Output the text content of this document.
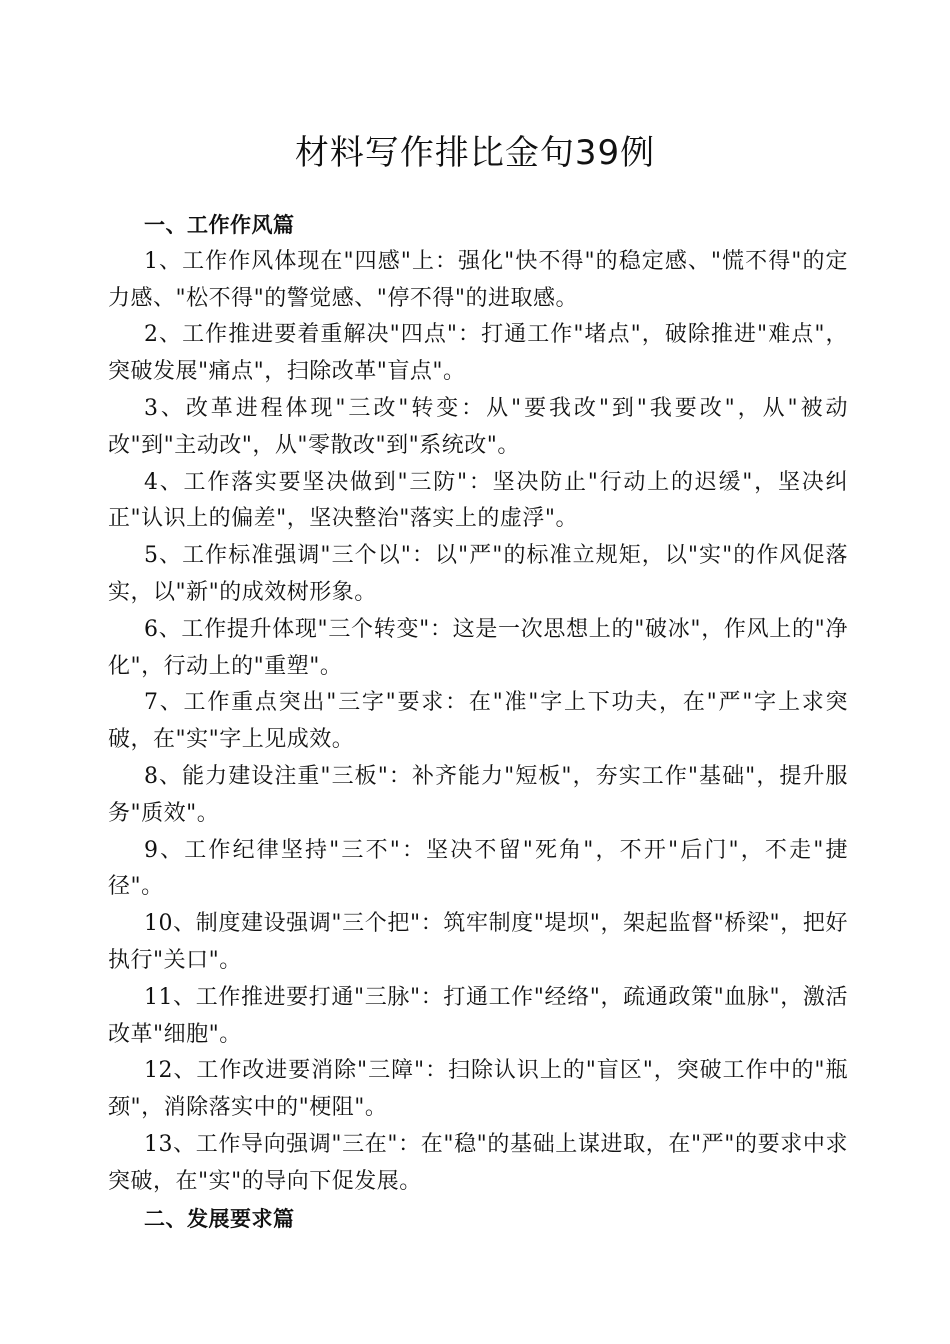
材料写作排比金句39例

一、工作作风篇

1、工作作风体现在"四感"上：强化"快不得"的稳定感、"慌不得"的定力感、"松不得"的警觉感、"停不得"的进取感。

2、工作推进要着重解决"四点"：打通工作"堵点"，破除推进"难点"，突破发展"痛点"，扫除改革"盲点"。

3、改革进程体现"三改"转变：从"要我改"到"我要改"，从"被动改"到"主动改"，从"零散改"到"系统改"。

4、工作落实要坚决做到"三防"：坚决防止"行动上的迟缓"，坚决纠正"认识上的偏差"，坚决整治"落实上的虚浮"。

5、工作标准强调"三个以"：以"严"的标准立规矩，以"实"的作风促落实，以"新"的成效树形象。

6、工作提升体现"三个转变"：这是一次思想上的"破冰"，作风上的"净化"，行动上的"重塑"。

7、工作重点突出"三字"要求：在"准"字上下功夫，在"严"字上求突破，在"实"字上见成效。

8、能力建设注重"三板"：补齐能力"短板"，夯实工作"基础"，提升服务"质效"。

9、工作纪律坚持"三不"：坚决不留"死角"，不开"后门"，不走"捷径"。

10、制度建设强调"三个把"：筑牢制度"堤坝"，架起监督"桥梁"，把好执行"关口"。

11、工作推进要打通"三脉"：打通工作"经络"，疏通政策"血脉"，激活改革"细胞"。

12、工作改进要消除"三障"：扫除认识上的"盲区"，突破工作中的"瓶颈"，消除落实中的"梗阻"。

13、工作导向强调"三在"：在"稳"的基础上谋进取，在"严"的要求中求突破，在"实"的导向下促发展。

二、发展要求篇
